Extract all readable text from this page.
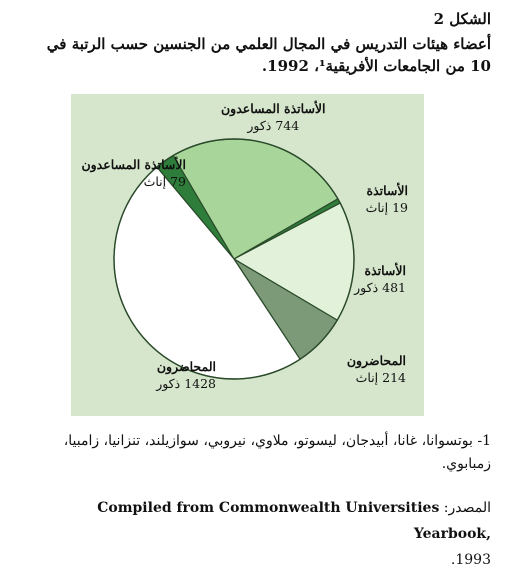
الشكل 2
أعضاء هيئات التدريس في المجال العلمي من الجنسين حسب الرتبة في 10 من الجامعات الأفريقية¹، 1992.
الأساتذة المساعدون
744 ذكور
الأساتذة المساعدون
79 إناث
الأساتذة
19 إناث
الأساتذة
481 ذكور
المحاضرون
214 إناث
المحاضرون
1428 ذكور
1- بوتسوانا، غانا، أبيدجان، ليسوتو، ملاوي، نيروبي، سوازيلند، تنزانيا، زامبيا، زمبابوي.
المصدر: Compiled from Commonwealth Universities Yearbook,
1993.
